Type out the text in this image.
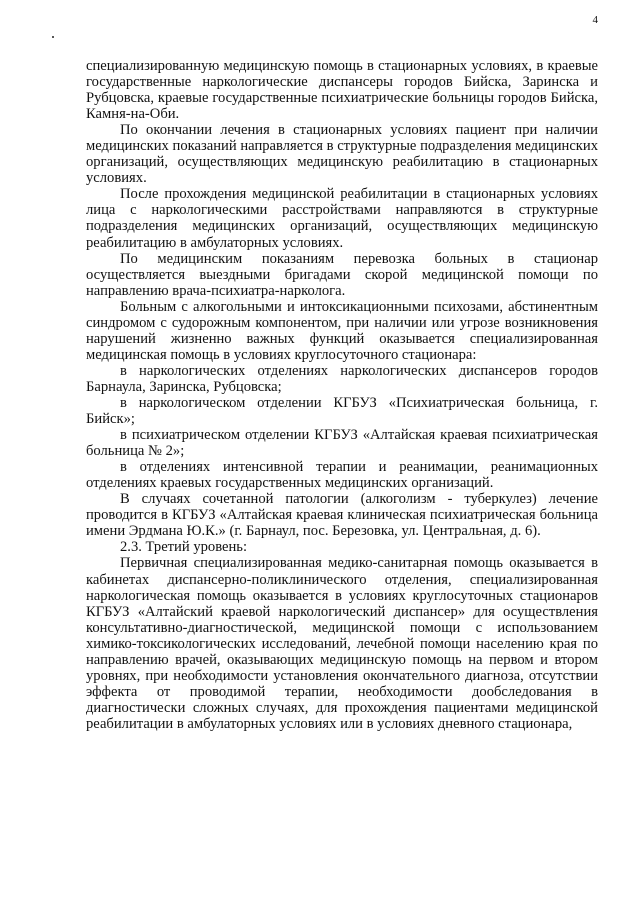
4

специализированную медицинскую помощь в стационарных условиях, в краевые государственные наркологические диспансеры городов Бийска, Заринска и Рубцовска, краевые государственные психиатрические больницы городов Бийска, Камня-на-Оби.

По окончании лечения в стационарных условиях пациент при наличии медицинских показаний направляется в структурные подразделения медицинских организаций, осуществляющих медицинскую реабилитацию в стационарных условиях.

После прохождения медицинской реабилитации в стационарных условиях лица с наркологическими расстройствами направляются в структурные подразделения медицинских организаций, осуществляющих медицинскую реабилитацию в амбулаторных условиях.

По медицинским показаниям перевозка больных в стационар осуществляется выездными бригадами скорой медицинской помощи по направлению врача-психиатра-нарколога.

Больным с алкогольными и интоксикационными психозами, абстинентным синдромом с судорожным компонентом, при наличии или угрозе возникновения нарушений жизненно важных функций оказывается специализированная медицинская помощь в условиях круглосуточного стационара:

в наркологических отделениях наркологических диспансеров городов Барнаула, Заринска, Рубцовска;

в наркологическом отделении КГБУЗ «Психиатрическая больница, г. Бийск»;

в психиатрическом отделении КГБУЗ «Алтайская краевая психиатрическая больница № 2»;

в отделениях интенсивной терапии и реанимации, реанимационных отделениях краевых государственных медицинских организаций.

В случаях сочетанной патологии (алкоголизм - туберкулез) лечение проводится в КГБУЗ «Алтайская краевая клиническая психиатрическая больница имени Эрдмана Ю.К.» (г. Барнаул, пос. Березовка, ул. Центральная, д. 6).

2.3. Третий уровень:

Первичная специализированная медико-санитарная помощь оказывается в кабинетах диспансерно-поликлинического отделения, специализированная наркологическая помощь оказывается в условиях круглосуточных стационаров КГБУЗ «Алтайский краевой наркологический диспансер» для осуществления консультативно-диагностической, медицинской помощи с использованием химико-токсикологических исследований, лечебной помощи населению края по направлению врачей, оказывающих медицинскую помощь на первом и втором уровнях, при необходимости установления окончательного диагноза, отсутствии эффекта от проводимой терапии, необходимости дообследования в диагностически сложных случаях, для прохождения пациентами медицинской реабилитации в амбулаторных условиях или в условиях дневного стационара,
